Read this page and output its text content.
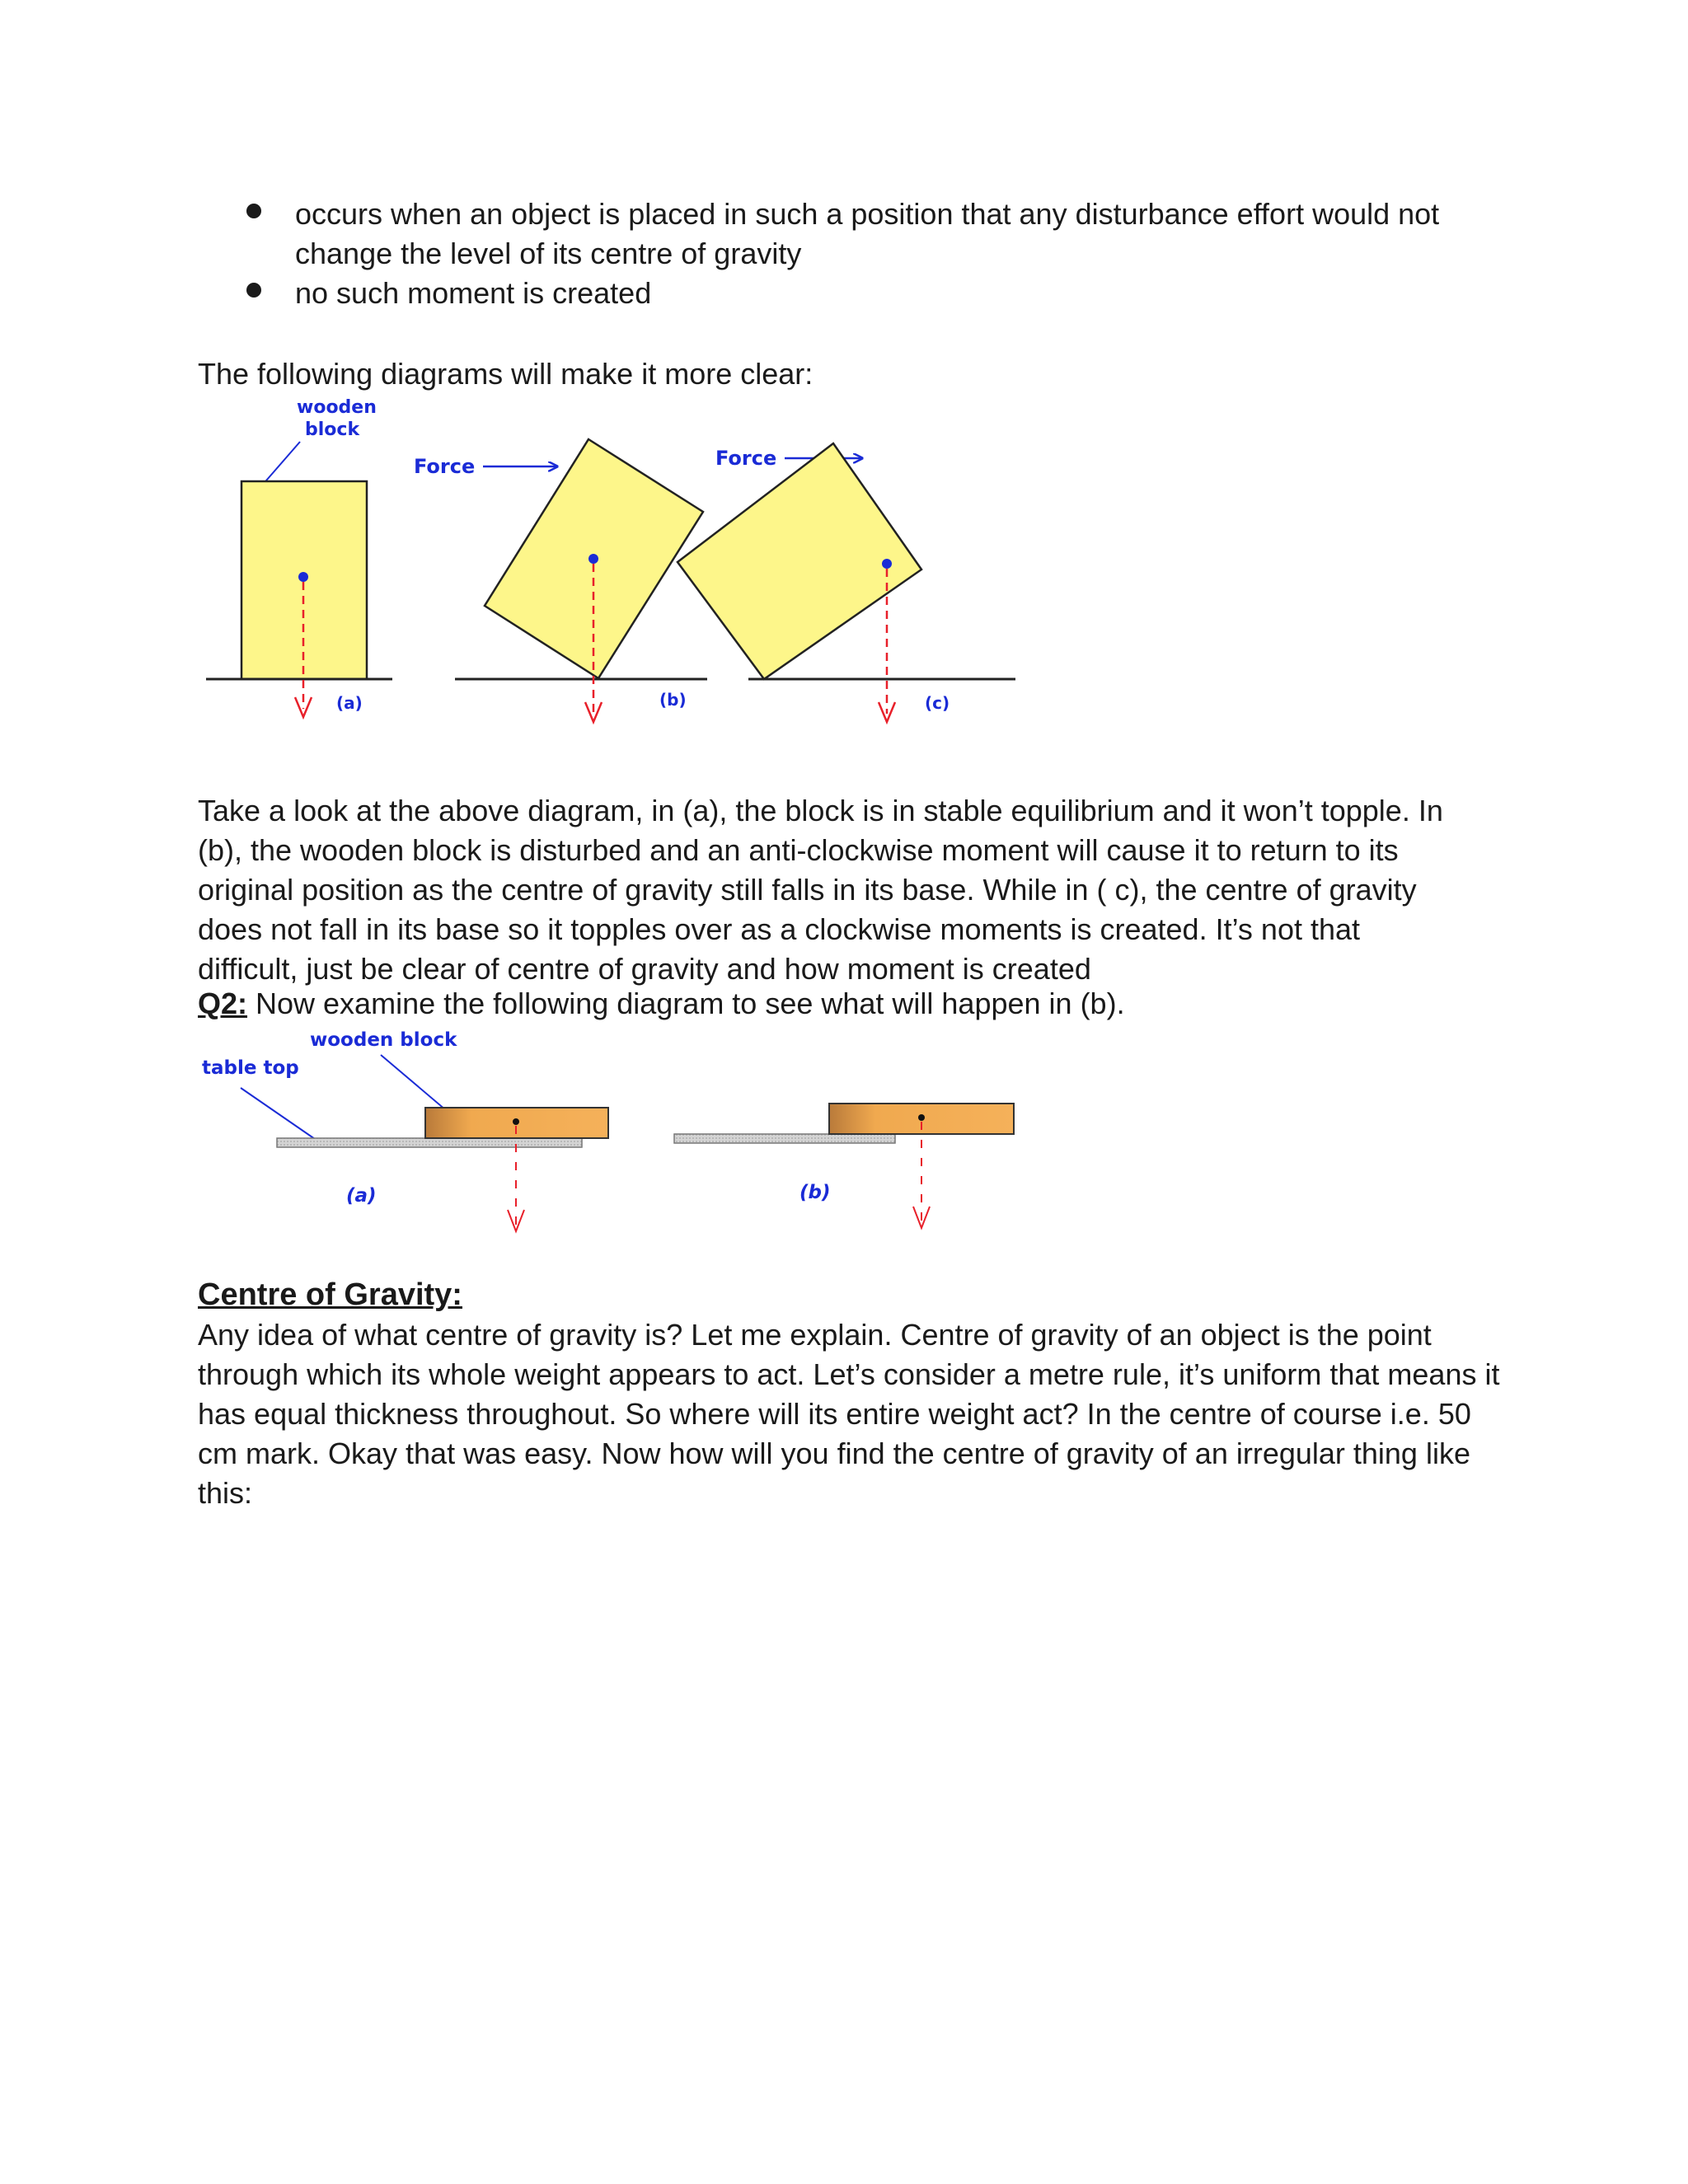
occurs when an object is placed in such a position that any disturbance effort would not change the level of its centre of gravity
no such moment is created
The following diagrams will make it more clear:
wooden
block
(a)
Force
(b)
Force
(c)
Take a look at the above diagram, in (a), the block is in stable equilibrium and it won’t topple. In (b), the wooden block is disturbed and an anti-clockwise moment will cause it to return to its original position as the centre of gravity still falls in its base. While in ( c), the centre of gravity does not fall in its base so it topples over as a clockwise moments is created. It’s not that difficult, just be clear of centre of gravity and how moment is created
Q2: Now examine the following diagram to see what will happen in (b).
wooden block
table top
(a)	(b)
Centre of Gravity:
Any idea of what centre of gravity is? Let me explain. Centre of gravity of an object is the point through which its whole weight appears to act. Let’s consider a metre rule, it’s uniform that means it has equal thickness throughout. So where will its entire weight act? In the centre of course i.e. 50 cm mark. Okay that was easy. Now how will you find the centre of gravity of an irregular thing like this:
